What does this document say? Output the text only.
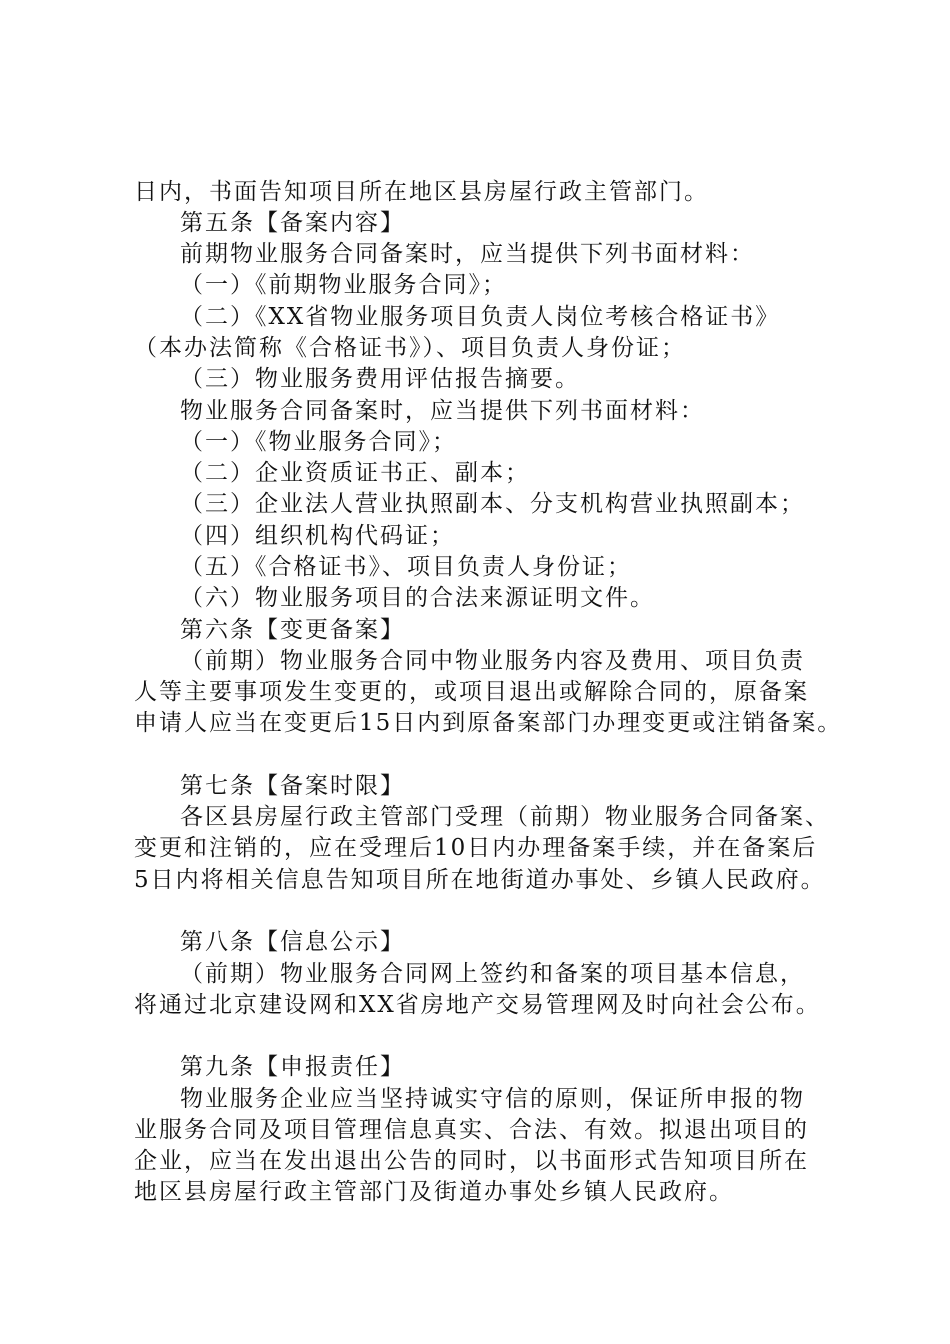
日内，书面告知项目所在地区县房屋行政主管部门。
第五条【备案内容】
前期物业服务合同备案时，应当提供下列书面材料：
（一）《前期物业服务合同》；
（二）《XX省物业服务项目负责人岗位考核合格证书》
（本办法简称《合格证书》）、项目负责人身份证；
（三）物业服务费用评估报告摘要。
物业服务合同备案时，应当提供下列书面材料：
（一）《物业服务合同》；
（二）企业资质证书正、副本；
（三）企业法人营业执照副本、分支机构营业执照副本；
（四）组织机构代码证；
（五）《合格证书》、项目负责人身份证；
（六）物业服务项目的合法来源证明文件。
第六条【变更备案】
（前期）物业服务合同中物业服务内容及费用、项目负责
人等主要事项发生变更的，或项目退出或解除合同的，原备案
申请人应当在变更后15日内到原备案部门办理变更或注销备案。
第七条【备案时限】
各区县房屋行政主管部门受理（前期）物业服务合同备案、
变更和注销的，应在受理后10日内办理备案手续，并在备案后
5日内将相关信息告知项目所在地街道办事处、乡镇人民政府。
第八条【信息公示】
（前期）物业服务合同网上签约和备案的项目基本信息，
将通过北京建设网和XX省房地产交易管理网及时向社会公布。
第九条【申报责任】
物业服务企业应当坚持诚实守信的原则，保证所申报的物
业服务合同及项目管理信息真实、合法、有效。拟退出项目的
企业，应当在发出退出公告的同时，以书面形式告知项目所在
地区县房屋行政主管部门及街道办事处乡镇人民政府。
